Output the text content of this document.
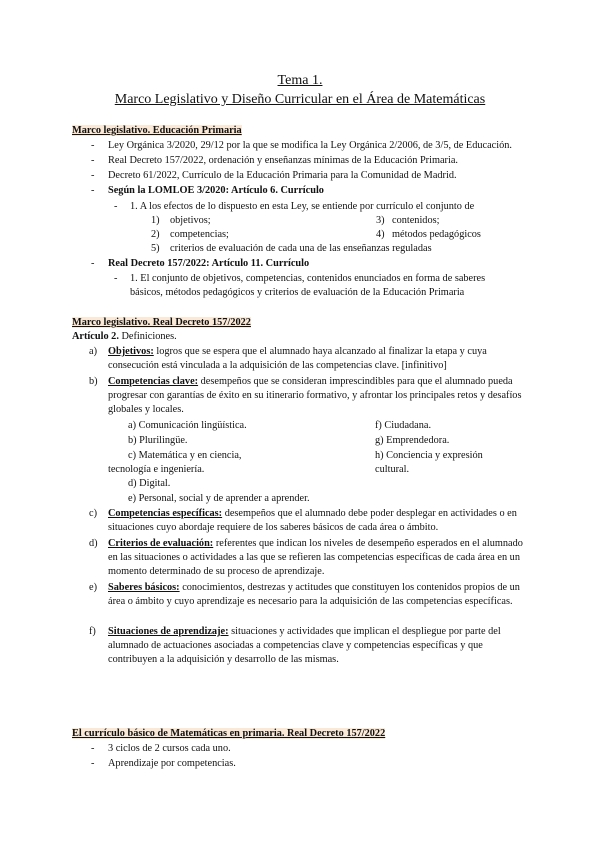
Tema 1.
Marco Legislativo y Diseño Curricular en el Área de Matemáticas
Marco legislativo. Educación Primaria
- Ley Orgánica 3/2020, 29/12 por la que se modifica la Ley Orgánica 2/2006, de 3/5, de Educación.
- Real Decreto 157/2022, ordenación y enseñanzas mínimas de la Educación Primaria.
- Decreto 61/2022, Currículo de la Educación Primaria para la Comunidad de Madrid.
- Según la LOMLOE 3/2020: Artículo 6. Currículo
- 1. A los efectos de lo dispuesto en esta Ley, se entiende por currículo el conjunto de
1) objetivos;	3) contenidos;
2) competencias;	4) métodos pedagógicos
5) criterios de evaluación de cada una de las enseñanzas reguladas
- Real Decreto 157/2022: Artículo 11. Currículo
- 1. El conjunto de objetivos, competencias, contenidos enunciados en forma de saberes
básicos, métodos pedagógicos y criterios de evaluación de la Educación Primaria
Marco legislativo. Real Decreto 157/2022
Artículo 2. Definiciones.
a) Objetivos: logros que se espera que el alumnado haya alcanzado al finalizar la etapa y cuya consecución está vinculada a la adquisición de las competencias clave. [infinitivo]
b) Competencias clave: desempeños que se consideran imprescindibles para que el alumnado pueda progresar con garantías de éxito en su itinerario formativo, y afrontar los principales retos y desafíos globales y locales.
a) Comunicación lingüística.
b) Plurilingüe.
c) Matemática y en ciencia,
tecnología e ingeniería.
d) Digital.
e) Personal, social y de aprender a aprender.
f) Ciudadana.
g) Emprendedora.
h) Conciencia y expresión
cultural.
c) Competencias específicas: desempeños que el alumnado debe poder desplegar en actividades o en situaciones cuyo abordaje requiere de los saberes básicos de cada área o ámbito.
d) Criterios de evaluación: referentes que indican los niveles de desempeño esperados en el alumnado en las situaciones o actividades a las que se refieren las competencias específicas de cada área en un momento determinado de su proceso de aprendizaje.
e) Saberes básicos: conocimientos, destrezas y actitudes que constituyen los contenidos propios de un área o ámbito y cuyo aprendizaje es necesario para la adquisición de las competencias específicas.
f) Situaciones de aprendizaje: situaciones y actividades que implican el despliegue por parte del alumnado de actuaciones asociadas a competencias clave y competencias específicas y que contribuyen a la adquisición y desarrollo de las mismas.
El currículo básico de Matemáticas en primaria. Real Decreto 157/2022
- 3 ciclos de 2 cursos cada uno.
- Aprendizaje por competencias.
